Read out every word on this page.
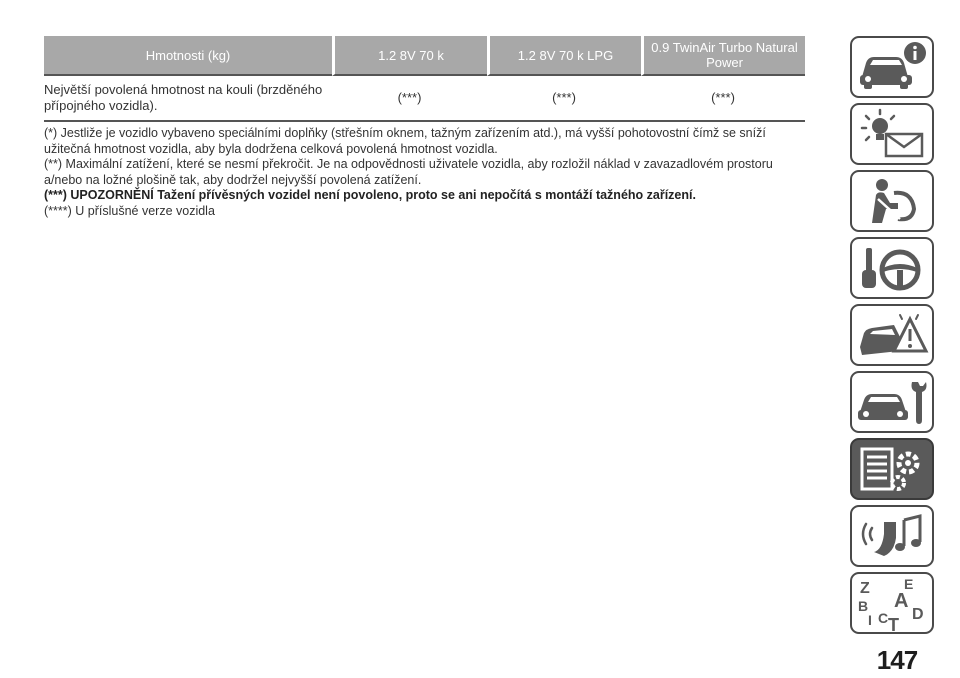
Hmotnosti (kg)	1.2 8V 70 k	1.2 8V 70 k LPG	0.9 TwinAir Turbo Natural Power
Největší povolená hmotnost na kouli (brzděného přípojného vozidla).	(***)	(***)	(***)

(*) Jestliže je vozidlo vybaveno speciálními doplňky (střešním oknem, tažným zařízením atd.), má vyšší pohotovostní čímž se sníží užitečná hmotnost vozidla, aby byla dodržena celková povolená hmotnost vozidla.

(**) Maximální zatížení, které se nesmí překročit. Je na odpovědnosti uživatele vozidla, aby rozložil náklad v zavazadlovém prostoru a/nebo na ložné plošině tak, aby dodržel nejvyšší povolená zatížení.

(***) UPOZORNĚNÍ Tažení přívěsných vozidel není povoleno, proto se ani nepočítá s montáží tažného zařízení.

(****) U příslušné verze vozidla

Z E
A
B	D
I C T
147
